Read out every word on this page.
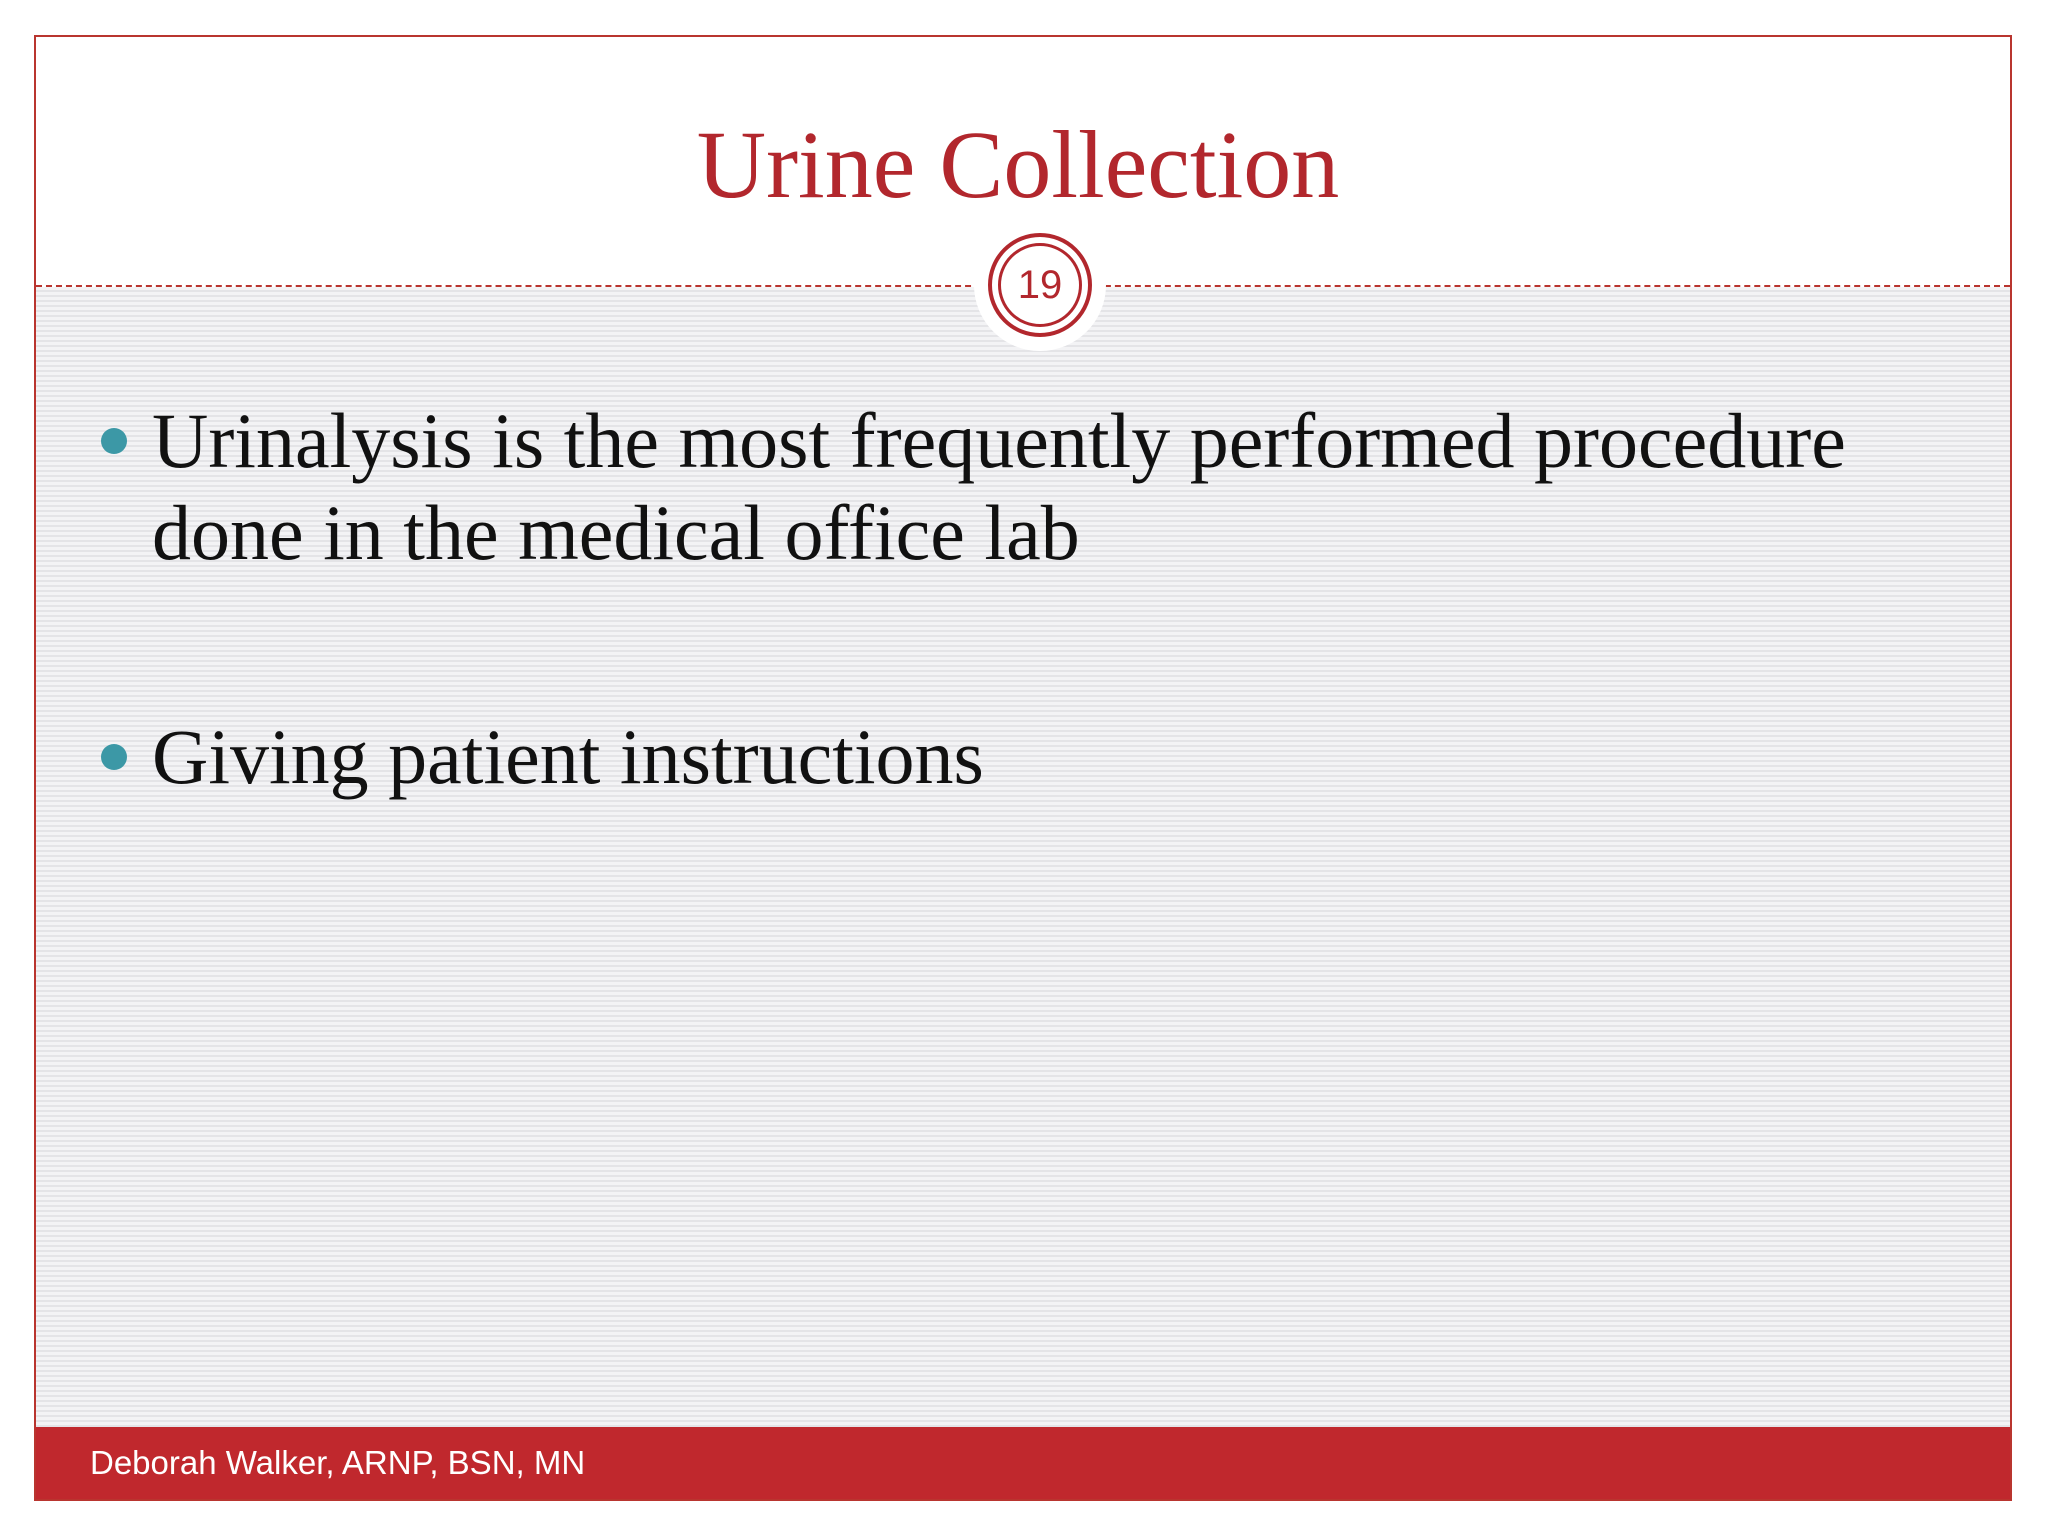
Urine Collection
19
Urinalysis is the most frequently performed procedure done in the medical office lab
Giving patient instructions
Deborah Walker, ARNP, BSN, MN
